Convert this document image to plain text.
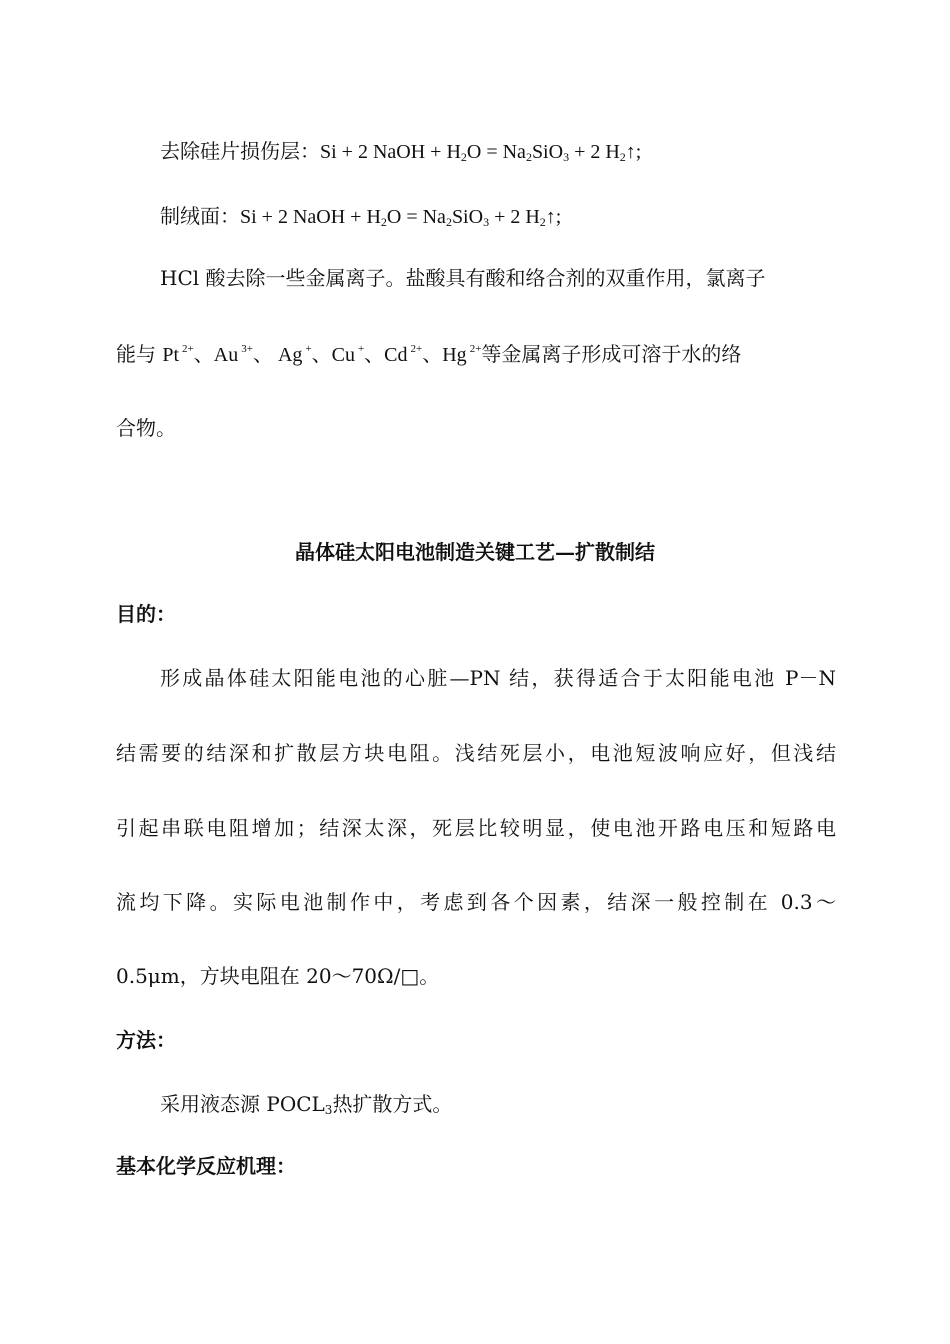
去除硅片损伤层：Si + 2 NaOH + $H_2O = Na_2SiO_3 + 2$ $H_2↑$;
制绒面：Si + 2 NaOH + $H_2O = Na_2SiO_3 + 2$ $H_2↑$;
HCl 酸去除一些金属离子。盐酸具有酸和络合剂的双重作用，氯离子
能与 Pt $^{2+}$、Au $^{3+}$、 Ag +、Cu +、Cd $^{2+}$、Hg $^{2+}$等金属离子形成可溶于水的络
合物。
晶体硅太阳电池制造关键工艺—扩散制结
目的：
形成晶体硅太阳能电池的心脏—PN 结，获得适合于太阳能电池 P－N
结需要的结深和扩散层方块电阻。浅结死层小，电池短波响应好，但浅结
引起串联电阻增加；结深太深，死层比较明显，使电池开路电压和短路电
流均下降。实际电池制作中，考虑到各个因素，结深一般控制在 0.3～
0.5μm，方块电阻在 20～70Ω/□。
方法：
采用液态源 $POCL_3$热扩散方式。
基本化学反应机理：
